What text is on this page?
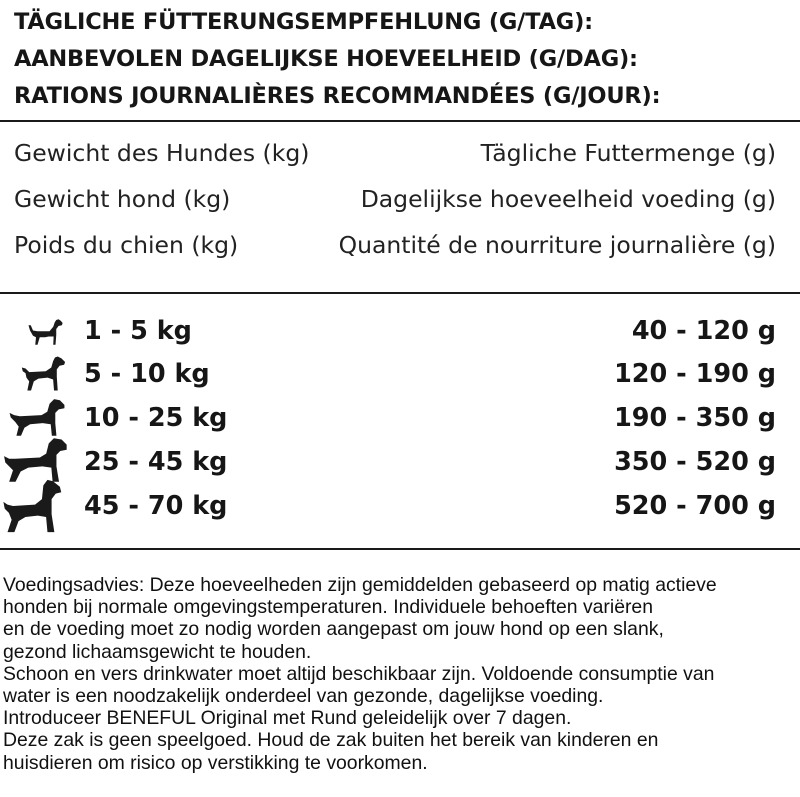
TÄGLICHE FÜTTERUNGSEMPFEHLUNG (G/TAG):
AANBEVOLEN DAGELIJKSE HOEVEELHEID (G/DAG):
RATIONS JOURNALIÈRES RECOMMANDÉES (G/JOUR):
Gewicht des Hundes (kg)	Tägliche Futtermenge (g)
Gewicht hond (kg)	Dagelijkse hoeveelheid voeding (g)
Poids du chien (kg)	Quantité de nourriture journalière (g)
1 - 5 kg	40 - 120 g
5 - 10 kg	120 - 190 g
10 - 25 kg	190 - 350 g
25 - 45 kg	350 - 520 g
45 - 70 kg	520 - 700 g

Voedingsadvies: Deze hoeveelheden zijn gemiddelden gebaseerd op matig actieve

honden bij normale omgevingstemperaturen. Individuele behoeften variëren

en de voeding moet zo nodig worden aangepast om jouw hond op een slank,

gezond lichaamsgewicht te houden.

Schoon en vers drinkwater moet altijd beschikbaar zijn. Voldoende consumptie van

water is een noodzakelijk onderdeel van gezonde, dagelijkse voeding.

Introduceer BENEFUL Original met Rund geleidelijk over 7 dagen.

Deze zak is geen speelgoed. Houd de zak buiten het bereik van kinderen en

huisdieren om risico op verstikking te voorkomen.
